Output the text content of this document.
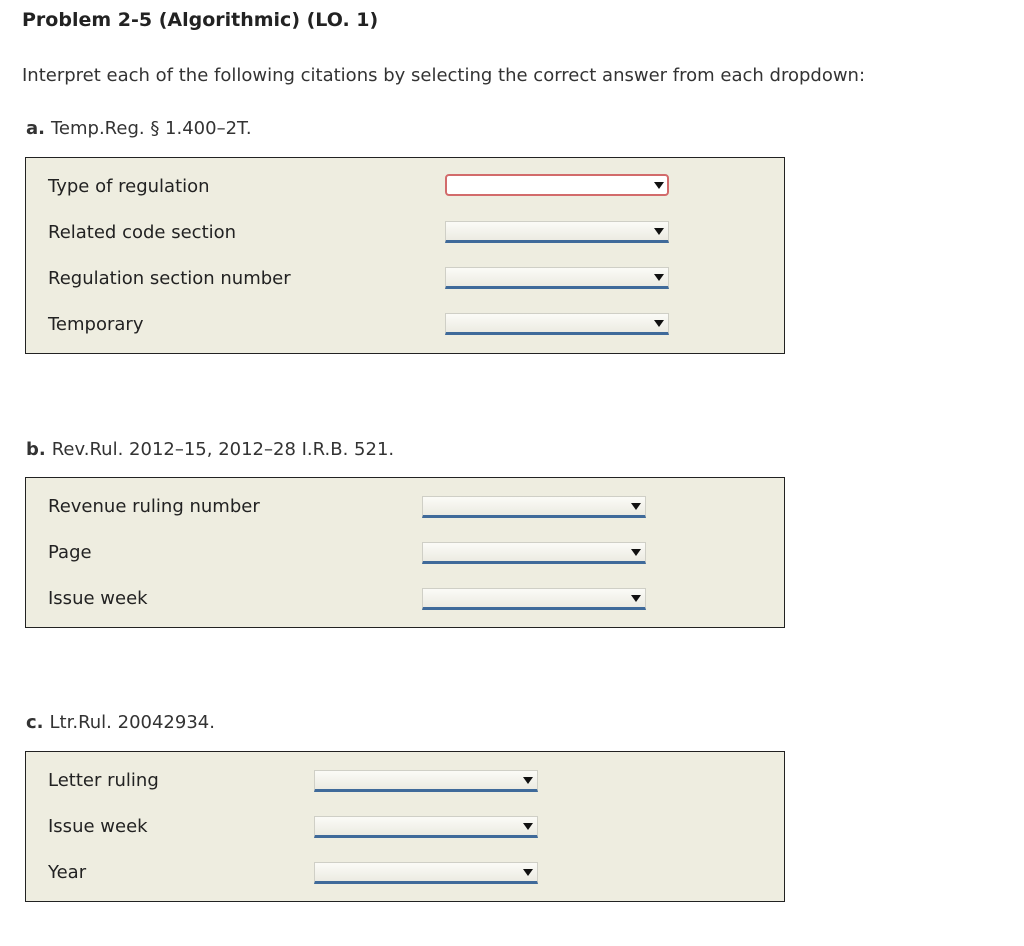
Problem 2-5 (Algorithmic) (LO. 1)
Interpret each of the following citations by selecting the correct answer from each dropdown:
a. Temp.Reg. § 1.400–2T.
Type of regulation
Related code section
Regulation section number
Temporary
b. Rev.Rul. 2012–15, 2012–28 I.R.B. 521.
Revenue ruling number
Page
Issue week
c. Ltr.Rul. 20042934.
Letter ruling
Issue week
Year
